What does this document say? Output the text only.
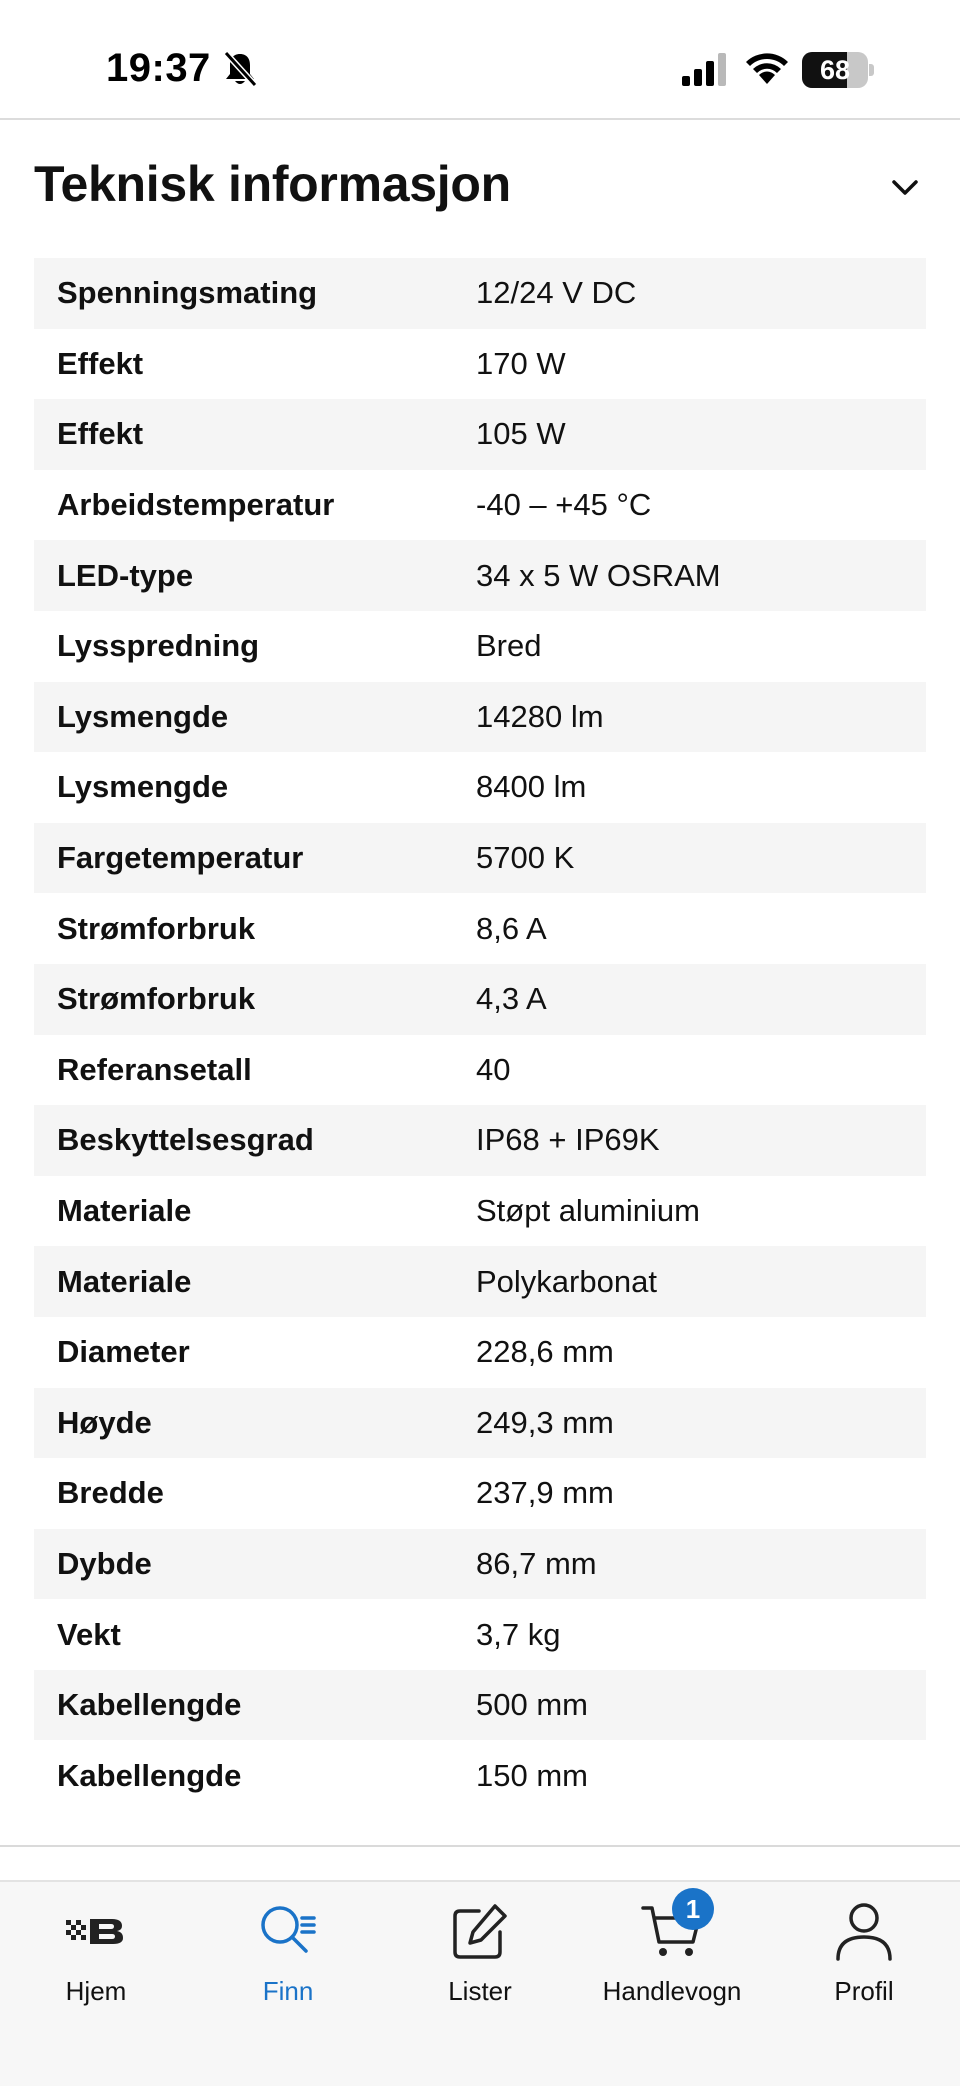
19:37	68
Teknisk informasjon
Spenningsmating	12/24 V DC
Effekt	170 W
Effekt	105 W
Arbeidstemperatur	-40 – +45 °C
LED-type	34 x 5 W OSRAM
Lysspredning	Bred
Lysmengde	14280 lm
Lysmengde	8400 lm
Fargetemperatur	5700 K
Strømforbruk	8,6 A
Strømforbruk	4,3 A
Referansetall	40
Beskyttelsesgrad	IP68 + IP69K
Materiale	Støpt aluminium
Materiale	Polykarbonat
Diameter	228,6 mm
Høyde	249,3 mm
Bredde	237,9 mm
Dybde	86,7 mm
Vekt	3,7 kg
Kabellengde	500 mm
Kabellengde	150 mm
Hjem	Finn	Lister	Handlevogn	Profil
1
